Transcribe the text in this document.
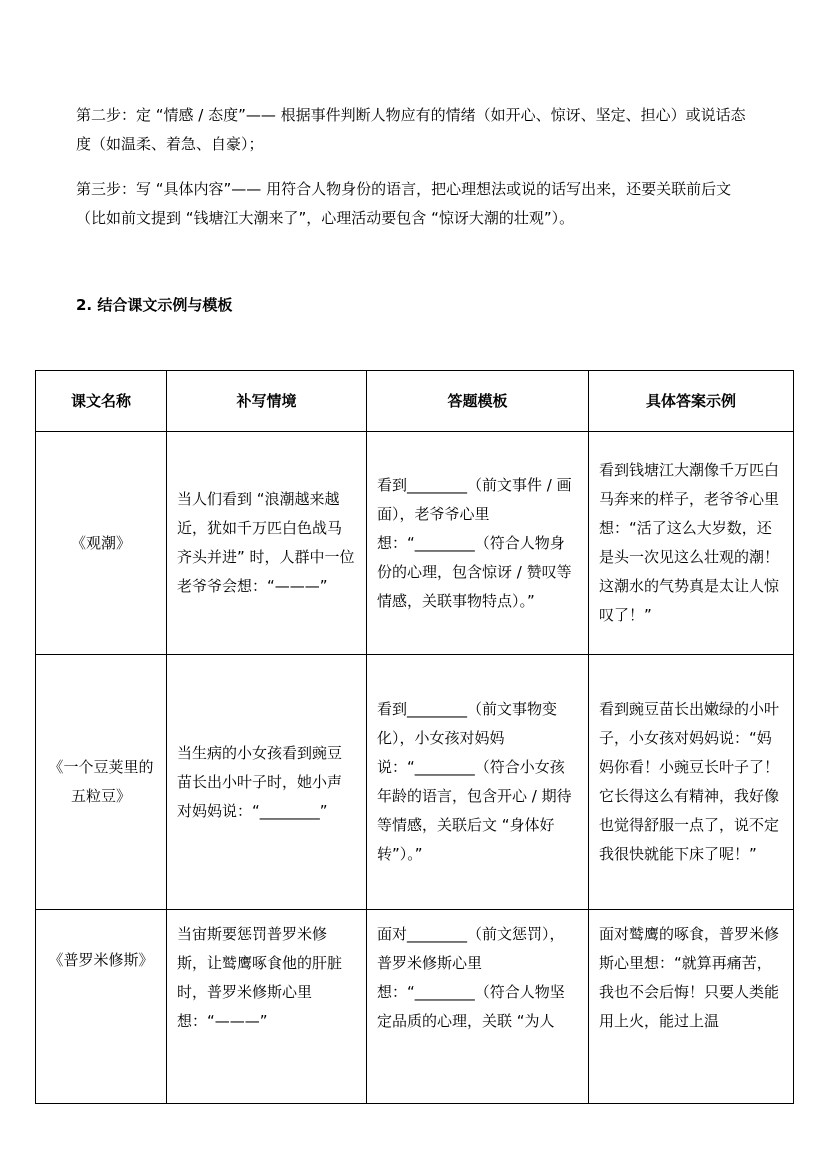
第二步：定 “情感 / 态度”—— 根据事件判断人物应有的情绪（如开心、惊讶、坚定、担心）或说话态度（如温柔、着急、自豪）；
第三步：写 “具体内容”—— 用符合人物身份的语言，把心理想法或说的话写出来，还要关联前后文（比如前文提到 “钱塘江大潮来了”，心理活动要包含 “惊讶大潮的壮观”）。
2. 结合课文示例与模板
课文名称	补写情境	答题模板	具体答案示例
《观潮》	当人们看到 “浪潮越来越近，犹如千万匹白色战马齐头并进” 时，人群中一位老爷爷会想：“———”	看到________（前文事件 / 画面），老爷爷心里想：“________（符合人物身份的心理，包含惊讶 / 赞叹等情感，关联事物特点）。”	看到钱塘江大潮像千万匹白马奔来的样子，老爷爷心里想：“活了这么大岁数，还是头一次见这么壮观的潮！这潮水的气势真是太让人惊叹了！”
《一个豆荚里的五粒豆》	当生病的小女孩看到豌豆苗长出小叶子时，她小声对妈妈说：“________”	看到________（前文事物变化），小女孩对妈妈说：“________（符合小女孩年龄的语言，包含开心 / 期待等情感，关联后文 “身体好转”）。”	看到豌豆苗长出嫩绿的小叶子，小女孩对妈妈说：“妈妈你看！小豌豆长叶子了！它长得这么有精神，我好像也觉得舒服一点了，说不定我很快就能下床了呢！”
《普罗米修斯》	当宙斯要惩罚普罗米修斯，让鹫鹰啄食他的肝脏时，普罗米修斯心里想：“———”	面对________（前文惩罚），普罗米修斯心里想：“________（符合人物坚定品质的心理，关联 “为人	面对鹫鹰的啄食，普罗米修斯心里想：“就算再痛苦，我也不会后悔！只要人类能用上火，能过上温
